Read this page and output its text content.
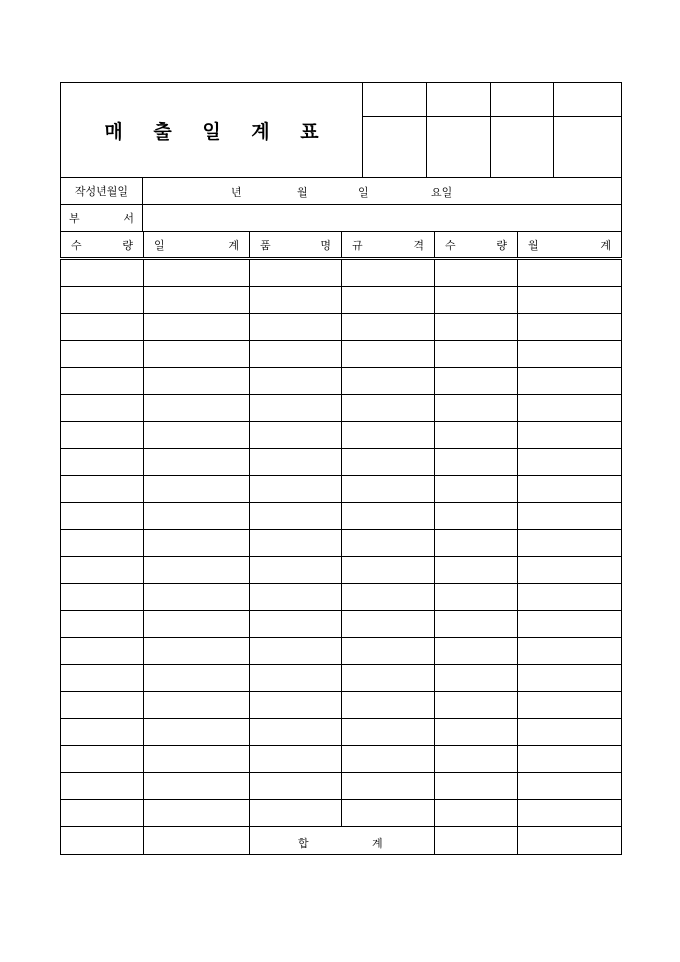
매 출 일 계 표				

작성년월일	년 월 일 요일

부 서	
수 량	일 계	품 명	규 격	수 량	월 계

		합 계			
